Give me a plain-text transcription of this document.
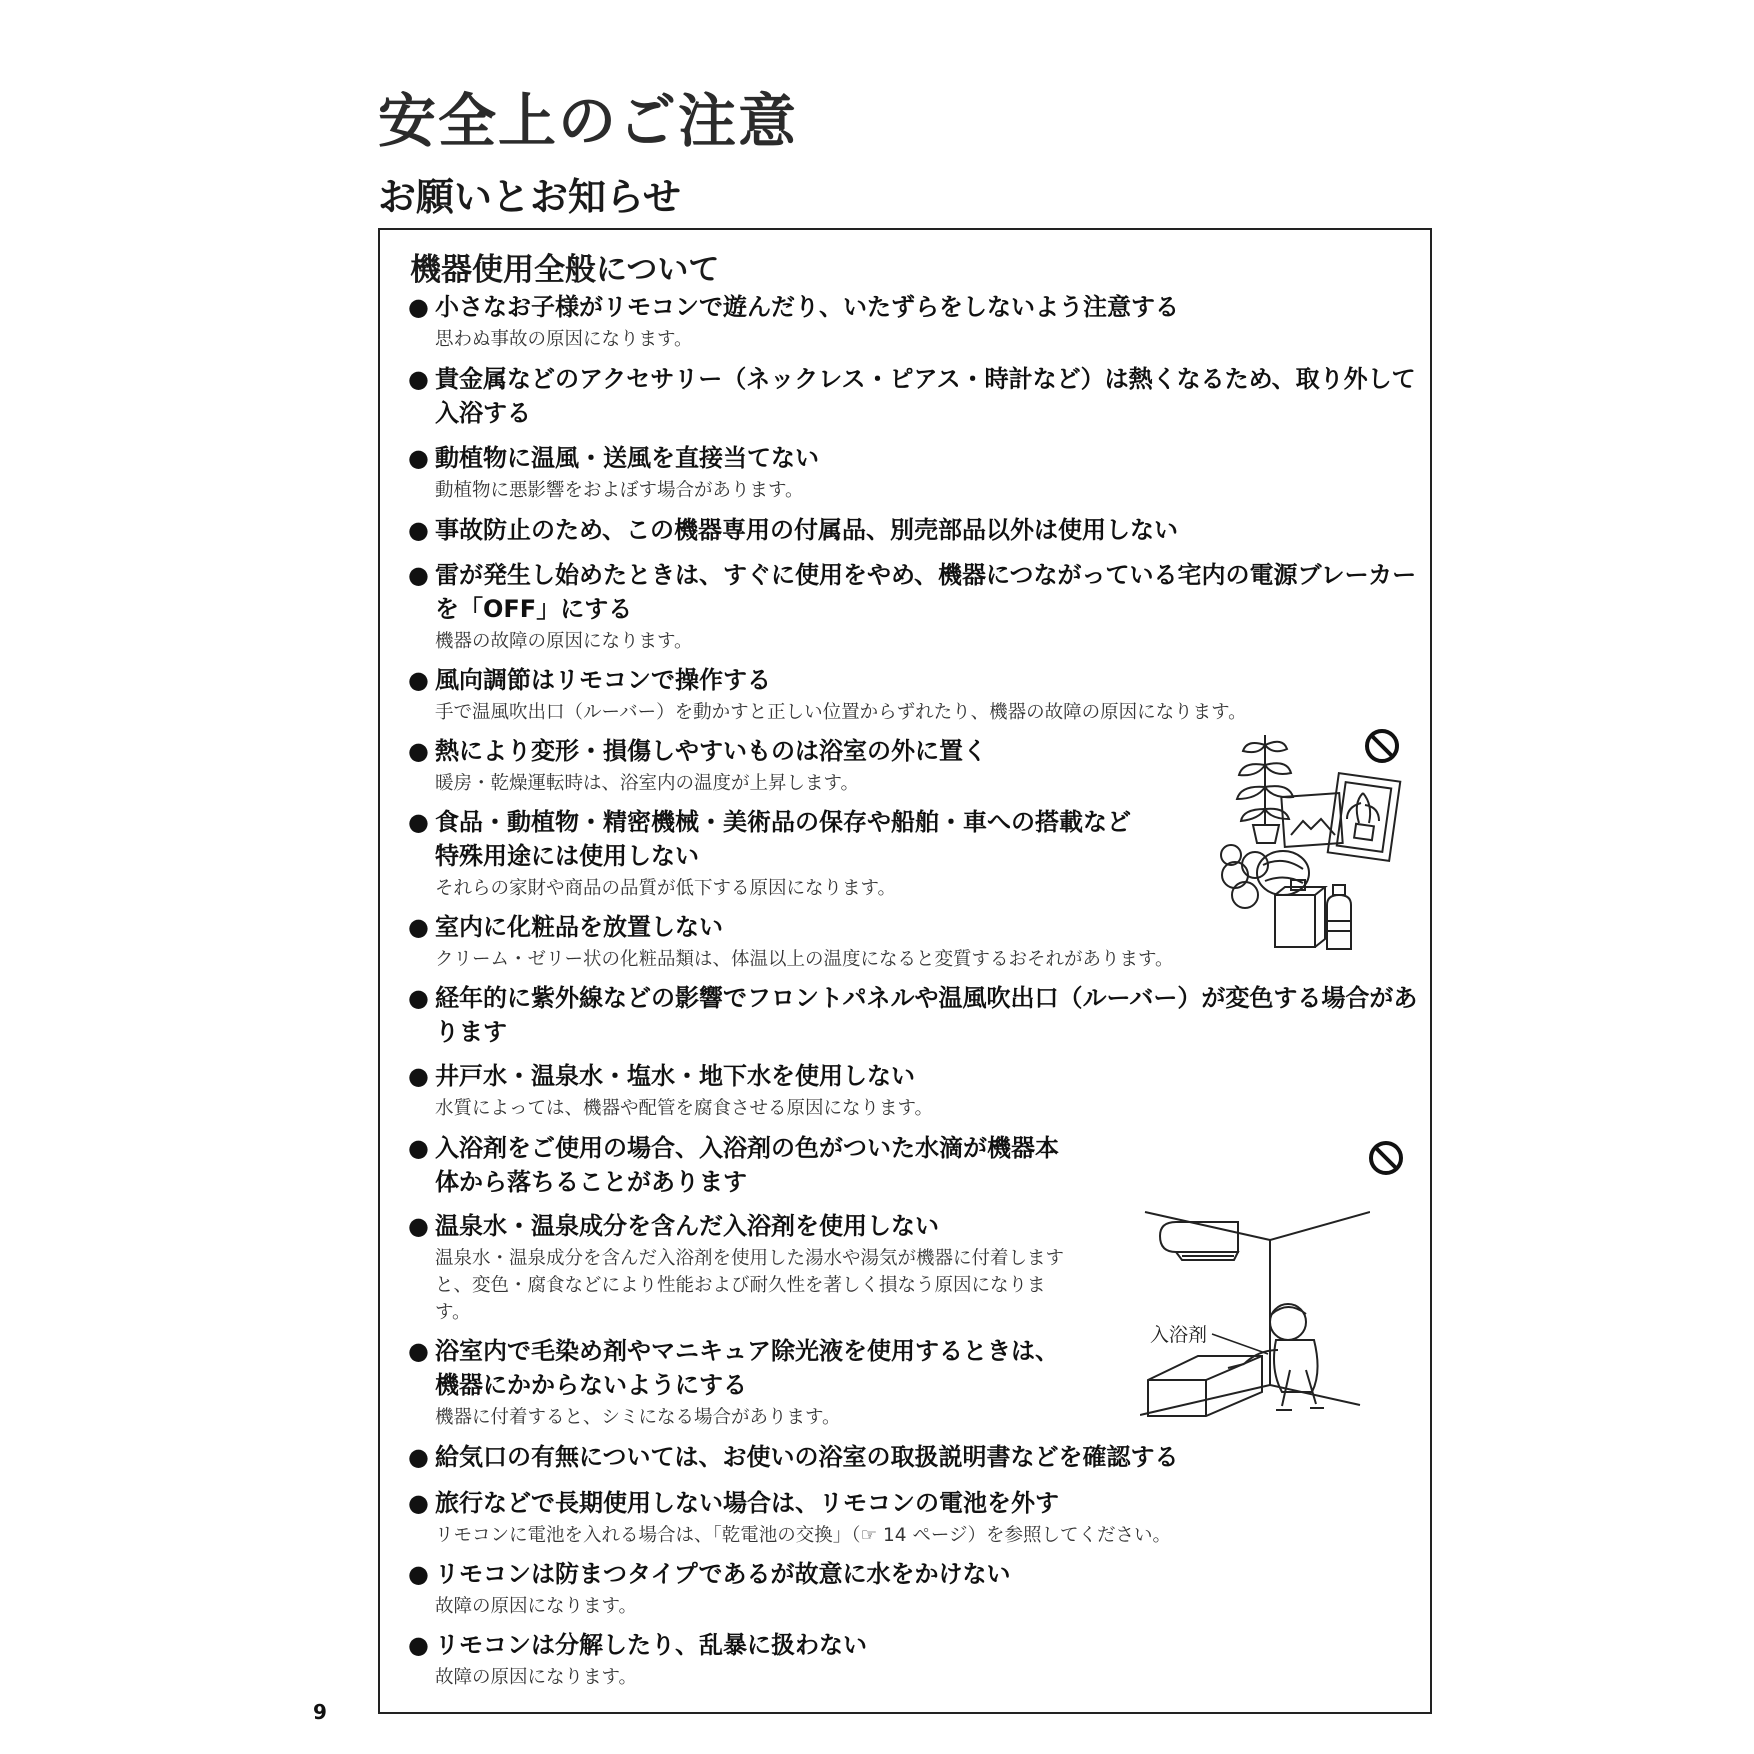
安全上のご注意
お願いとお知らせ
機器使用全般について

● 小さなお子様がリモコンで遊んだり、いたずらをしないよう注意する

思わぬ事故の原因になります。

● 貴金属などのアクセサリー（ネックレス・ピアス・時計など）は熱くなるため、取り外して入浴する

● 動植物に温風・送風を直接当てない

動植物に悪影響をおよぼす場合があります。

● 事故防止のため、この機器専用の付属品、別売部品以外は使用しない

● 雷が発生し始めたときは、すぐに使用をやめ、機器につながっている宅内の電源ブレーカーを「OFF」にする

機器の故障の原因になります。

● 風向調節はリモコンで操作する

手で温風吹出口（ルーバー）を動かすと正しい位置からずれたり、機器の故障の原因になります。

● 熱により変形・損傷しやすいものは浴室の外に置く

暖房・乾燥運転時は、浴室内の温度が上昇します。

● 食品・動植物・精密機械・美術品の保存や船舶・車への搭載など特殊用途には使用しない

それらの家財や商品の品質が低下する原因になります。

● 室内に化粧品を放置しない

クリーム・ゼリー状の化粧品類は、体温以上の温度になると変質するおそれがあります。

● 経年的に紫外線などの影響でフロントパネルや温風吹出口（ルーバー）が変色する場合があります

● 井戸水・温泉水・塩水・地下水を使用しない

水質によっては、機器や配管を腐食させる原因になります。

● 入浴剤をご使用の場合、入浴剤の色がついた水滴が機器本体から落ちることがあります

● 温泉水・温泉成分を含んだ入浴剤を使用しない

温泉水・温泉成分を含んだ入浴剤を使用した湯水や湯気が機器に付着しますと、変色・腐食などにより性能および耐久性を著しく損なう原因になります。

● 浴室内で毛染め剤やマニキュア除光液を使用するときは、機器にかからないようにする

機器に付着すると、シミになる場合があります。

● 給気口の有無については、お使いの浴室の取扱説明書などを確認する

● 旅行などで長期使用しない場合は、リモコンの電池を外す

リモコンに電池を入れる場合は、「乾電池の交換」（☞ 14 ページ）を参照してください。

● リモコンは防まつタイプであるが故意に水をかけない

故障の原因になります。

● リモコンは分解したり、乱暴に扱わない

故障の原因になります。

入浴剤
9
